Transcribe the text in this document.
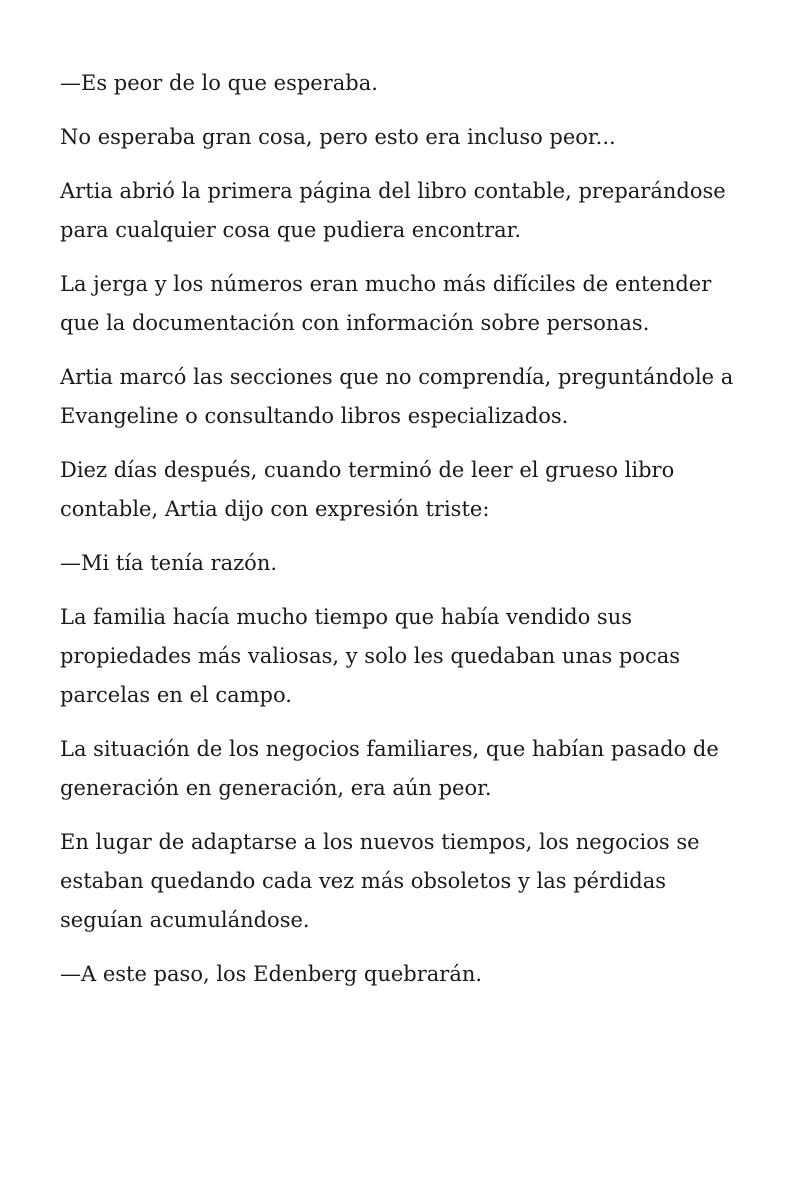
—Es peor de lo que esperaba.

No esperaba gran cosa, pero esto era incluso peor...

Artia abrió la primera página del libro contable, preparándose para cualquier cosa que pudiera encontrar.

La jerga y los números eran mucho más difíciles de entender que la documentación con información sobre personas.

Artia marcó las secciones que no comprendía, preguntándole a Evangeline o consultando libros especializados.

Diez días después, cuando terminó de leer el grueso libro contable, Artia dijo con expresión triste:

—Mi tía tenía razón.

La familia hacía mucho tiempo que había vendido sus propiedades más valiosas, y solo les quedaban unas pocas parcelas en el campo.

La situación de los negocios familiares, que habían pasado de generación en generación, era aún peor.

En lugar de adaptarse a los nuevos tiempos, los negocios se estaban quedando cada vez más obsoletos y las pérdidas seguían acumulándose.

—A este paso, los Edenberg quebrarán.
